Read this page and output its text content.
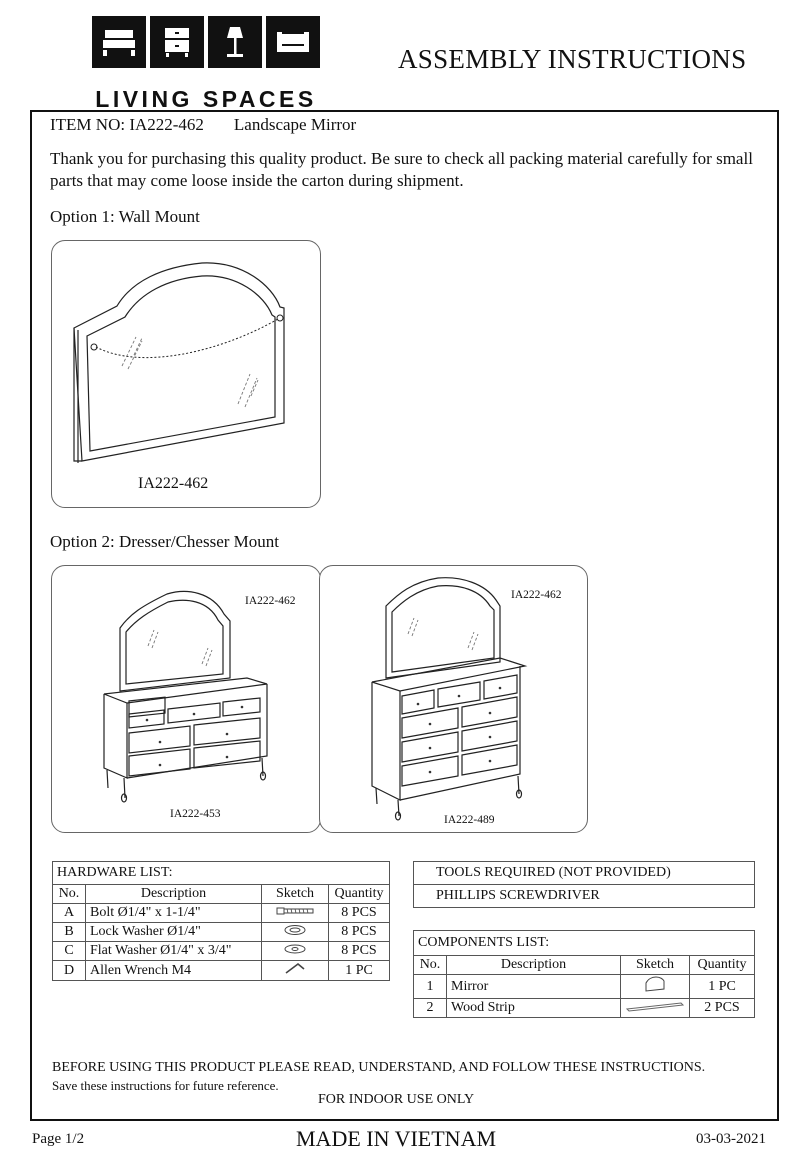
LIVING SPACES
ASSEMBLY INSTRUCTIONS
ITEM NO: IA222-462 Landscape Mirror
Thank you for purchasing this quality product. Be sure to check all packing material carefully for small parts that may come loose inside the carton during shipment.
Option 1: Wall Mount
IA222-462
Option 2: Dresser/Chesser Mount
IA222-462
IA222-453
IA222-462
IA222-489
HARDWARE LIST:			
No.	Description	Sketch	Quantity
A	Bolt Ø1/4" x 1-1/4"		8 PCS
B	Lock Washer Ø1/4"		8 PCS
C	Flat Washer Ø1/4" x 3/4"		8 PCS
D	Allen Wrench M4		1 PC
TOOLS REQUIRED (NOT PROVIDED)
PHILLIPS SCREWDRIVER
COMPONENTS LIST:			
No.	Description	Sketch	Quantity
1	Mirror		1 PC
2	Wood Strip		2 PCS
BEFORE USING THIS PRODUCT PLEASE READ, UNDERSTAND, AND FOLLOW THESE INSTRUCTIONS.
Save these instructions for future reference.
FOR INDOOR USE ONLY
Page 1/2	MADE IN VIETNAM	03-03-2021
